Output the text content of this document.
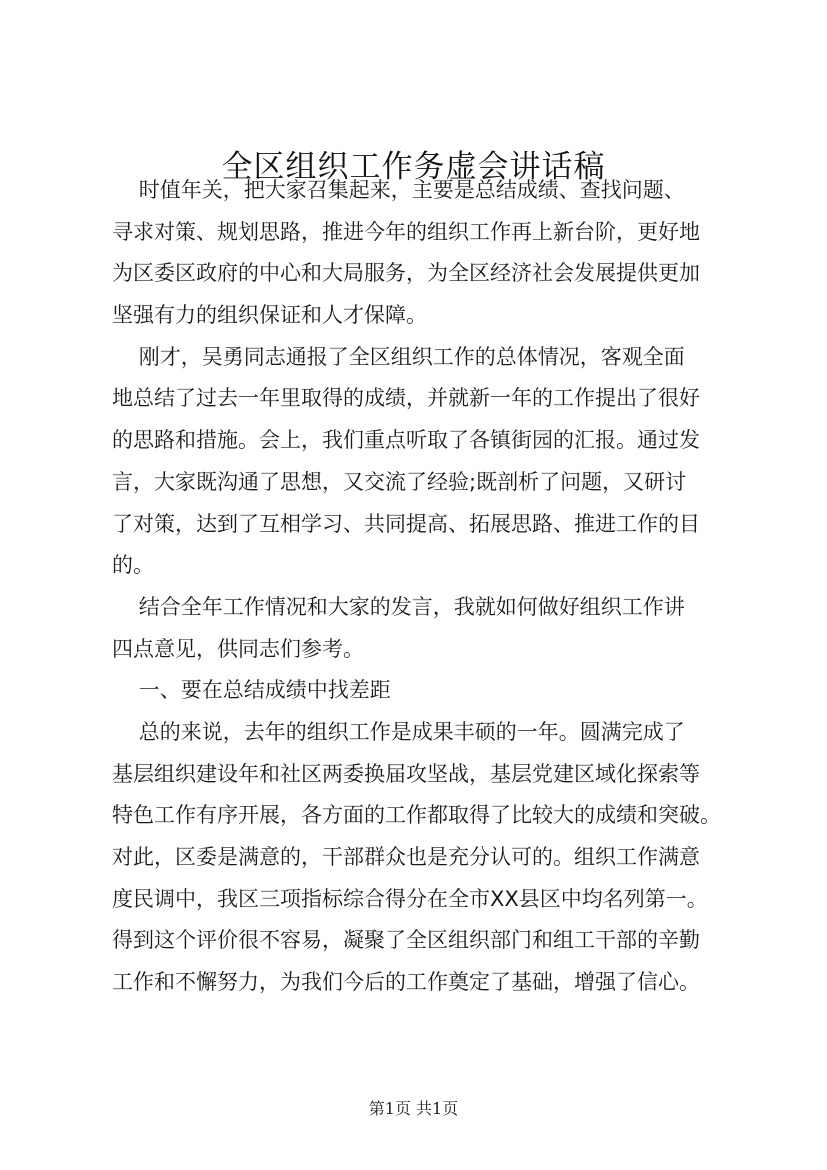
全区组织工作务虚会讲话稿
时值年关，把大家召集起来，主要是总结成绩、查找问题、
寻求对策、规划思路，推进今年的组织工作再上新台阶，更好地
为区委区政府的中心和大局服务，为全区经济社会发展提供更加
坚强有力的组织保证和人才保障。
刚才，吴勇同志通报了全区组织工作的总体情况，客观全面
地总结了过去一年里取得的成绩，并就新一年的工作提出了很好
的思路和措施。会上，我们重点听取了各镇街园的汇报。通过发
言，大家既沟通了思想，又交流了经验;既剖析了问题，又研讨
了对策，达到了互相学习、共同提高、拓展思路、推进工作的目
的。
结合全年工作情况和大家的发言，我就如何做好组织工作讲
四点意见，供同志们参考。
一、要在总结成绩中找差距
总的来说，去年的组织工作是成果丰硕的一年。圆满完成了
基层组织建设年和社区两委换届攻坚战，基层党建区域化探索等
特色工作有序开展，各方面的工作都取得了比较大的成绩和突破。
对此，区委是满意的，干部群众也是充分认可的。组织工作满意
度民调中，我区三项指标综合得分在全市XX县区中均名列第一。
得到这个评价很不容易，凝聚了全区组织部门和组工干部的辛勤
工作和不懈努力，为我们今后的工作奠定了基础，增强了信心。
第1页 共1页
